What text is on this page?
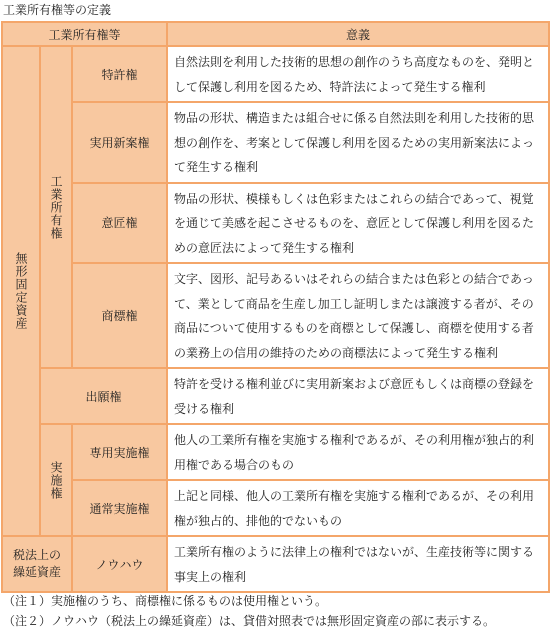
工業所有権等の定義
工業所有権等			意義

無形固定資産	工業所有権	特許権	自然法則を利用した技術的思想の創作のうち高度なものを、発明として保護し利用を図るため、特許法によって発生する権利
		実用新案権	物品の形状、構造または組合せに係る自然法則を利用した技術的思想の創作を、考案として保護し利用を図るための実用新案法によって発生する権利
		意匠権	物品の形状、模様もしくは色彩またはこれらの結合であって、視覚を通じて美感を起こさせるものを、意匠として保護し利用を図るための意匠法によって発生する権利
		商標権	文字、図形、記号あるいはそれらの結合または色彩との結合であって、業として商品を生産し加工し証明しまたは譲渡する者が、その商品について使用するものを商標として保護し、商標を使用する者の業務上の信用の維持のための商標法によって発生する権利
	出願権		特許を受ける権利並びに実用新案および意匠もしくは商標の登録を受ける権利

	実施権	専用実施権	他人の工業所有権を実施する権利であるが、その利用権が独占的利用権である場合のもの
		通常実施権	上記と同様、他人の工業所有権を実施する権利であるが、その利用権が独占的、排他的でないもの

税法上の繰延資産		ノウハウ	工業所有権のように法律上の権利ではないが、生産技術等に関する事実上の権利
（注１）実施権のうち、商標権に係るものは使用権という。
（注２）ノウハウ（税法上の繰延資産）は、貸借対照表では無形固定資産の部に表示する。
